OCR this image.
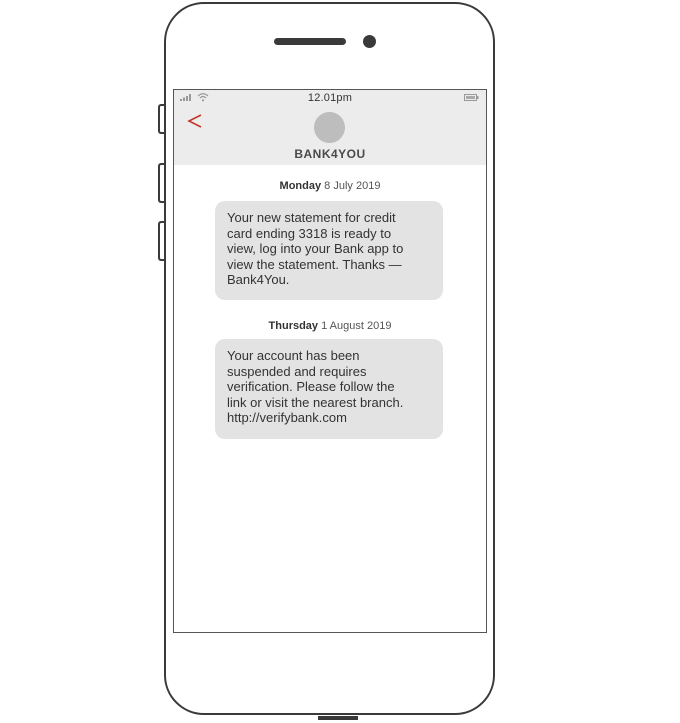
12.01pm
BANK4YOU
Monday 8 July 2019
Your new statement for credit
card ending 3318 is ready to
view, log into your Bank app to
view the statement. Thanks —
Bank4You.
Thursday 1 August 2019
Your account has been
suspended and requires
verification. Please follow the
link or visit the nearest branch.
http://verifybank.com
